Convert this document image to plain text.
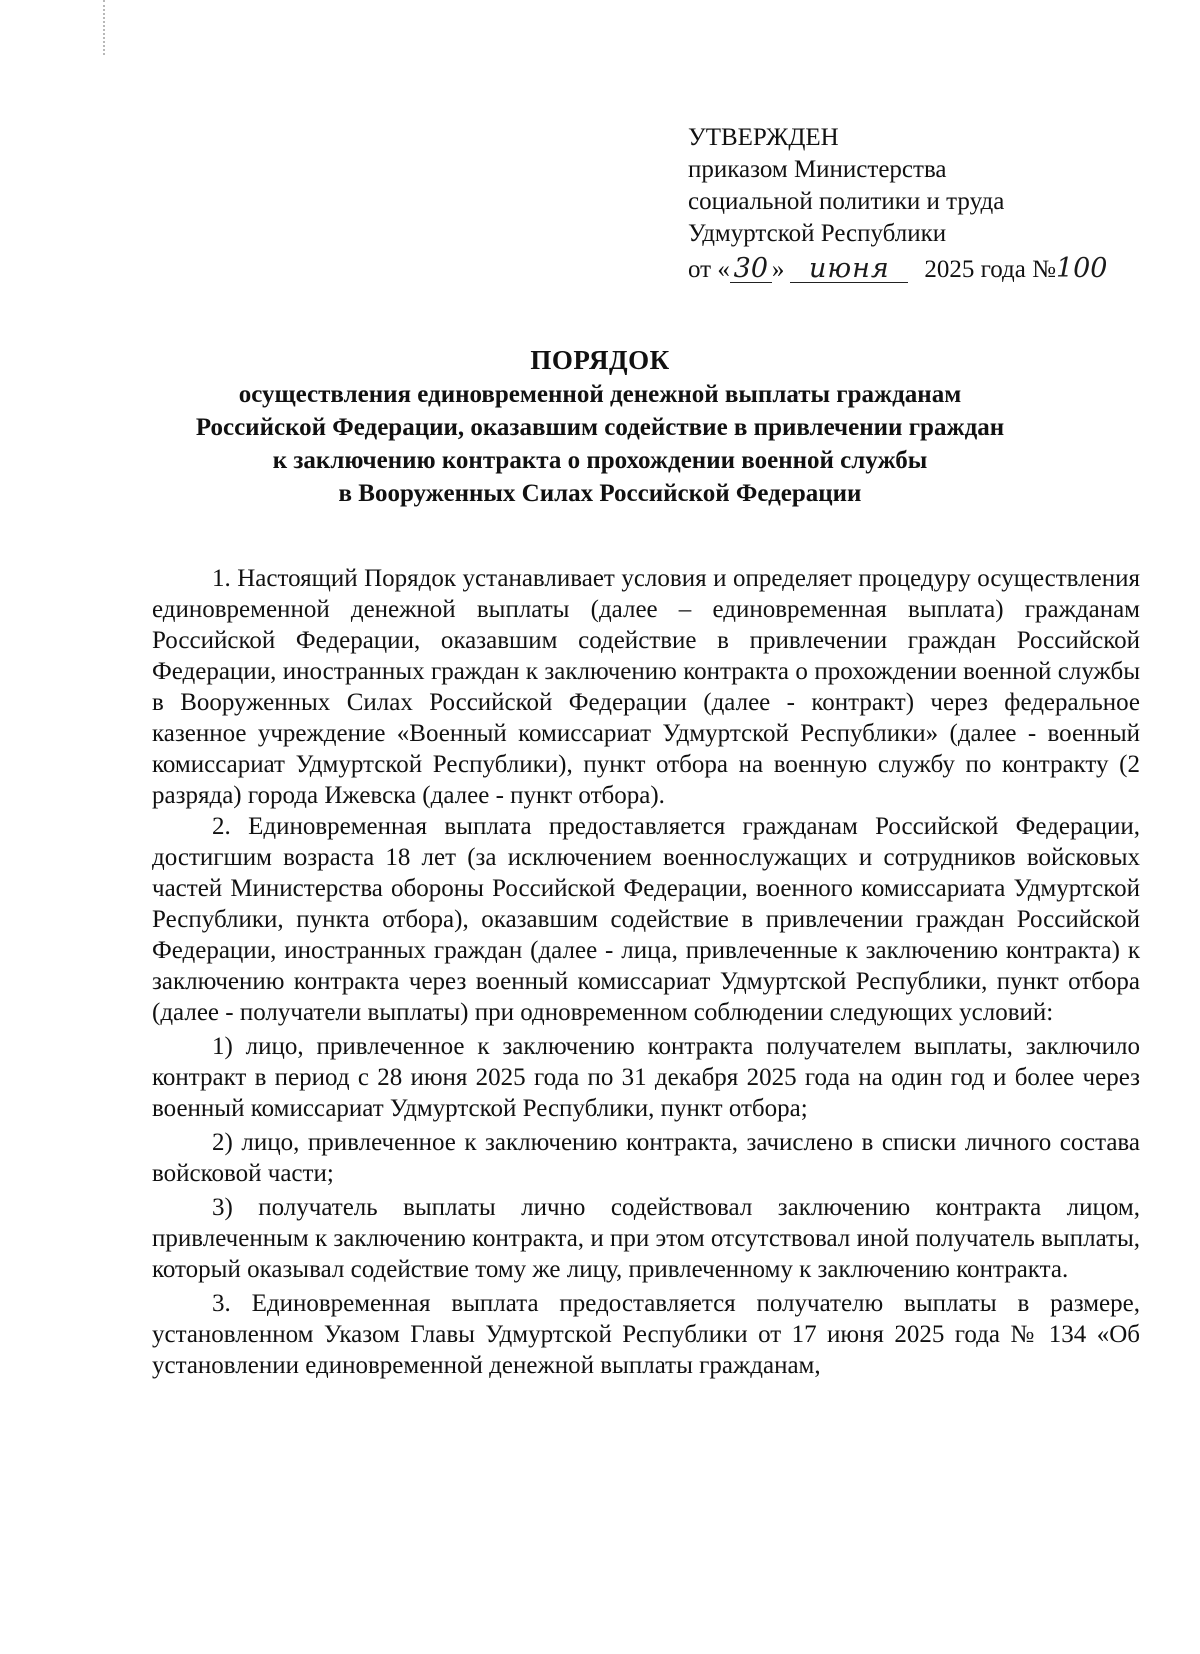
УТВЕРЖДЕН
приказом Министерства
социальной политики и труда
Удмуртской Республики
от « 30 » июня 2025 года №100
ПОРЯДОК
осуществления единовременной денежной выплаты гражданам
Российской Федерации, оказавшим содействие в привлечении граждан
к заключению контракта о прохождении военной службы
в Вооруженных Силах Российской Федерации

1. Настоящий Порядок устанавливает условия и определяет процедуру осуществления единовременной денежной выплаты (далее – единовременная выплата) гражданам Российской Федерации, оказавшим содействие в привлечении граждан Российской Федерации, иностранных граждан к заключению контракта о прохождении военной службы в Вооруженных Силах Российской Федерации (далее - контракт) через федеральное казенное учреждение «Военный комиссариат Удмуртской Республики» (далее - военный комиссариат Удмуртской Республики), пункт отбора на военную службу по контракту (2 разряда) города Ижевска (далее - пункт отбора).

2. Единовременная выплата предоставляется гражданам Российской Федерации, достигшим возраста 18 лет (за исключением военнослужащих и сотрудников войсковых частей Министерства обороны Российской Федерации, военного комиссариата Удмуртской Республики, пункта отбора), оказавшим содействие в привлечении граждан Российской Федерации, иностранных граждан (далее - лица, привлеченные к заключению контракта) к заключению контракта через военный комиссариат Удмуртской Республики, пункт отбора (далее - получатели выплаты) при одновременном соблюдении следующих условий:

1) лицо, привлеченное к заключению контракта получателем выплаты, заключило контракт в период с 28 июня 2025 года по 31 декабря 2025 года на один год и более через военный комиссариат Удмуртской Республики, пункт отбора;

2) лицо, привлеченное к заключению контракта, зачислено в списки личного состава войсковой части;

3) получатель выплаты лично содействовал заключению контракта лицом, привлеченным к заключению контракта, и при этом отсутствовал иной получатель выплаты, который оказывал содействие тому же лицу, привлеченному к заключению контракта.

3. Единовременная выплата предоставляется получателю выплаты в размере, установленном Указом Главы Удмуртской Республики от 17 июня 2025 года № 134 «Об установлении единовременной денежной выплаты гражданам,
